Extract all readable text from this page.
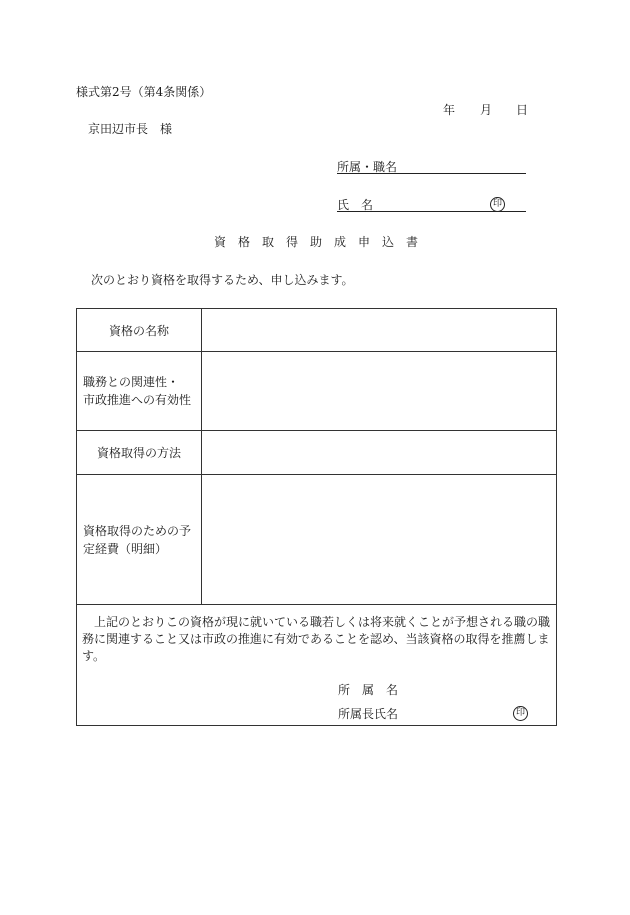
様式第2号（第4条関係）
年 月 日
京田辺市長　様
所属・職名
氏　名	印
資　格　取　得　助　成　申　込　書
次のとおり資格を取得するため、申し込みます。
資格の名称	

職務との関連性・
市政推進への有効性	

資格取得の方法	

資格取得のための予
定経費（明細）	

上記のとおりこの資格が現に就いている職若しくは将来就くことが予想される職の職務に関連すること又は市政の推進に有効であることを認め、当該資格の取得を推薦します。
所　属　名
所属長氏名 印	
